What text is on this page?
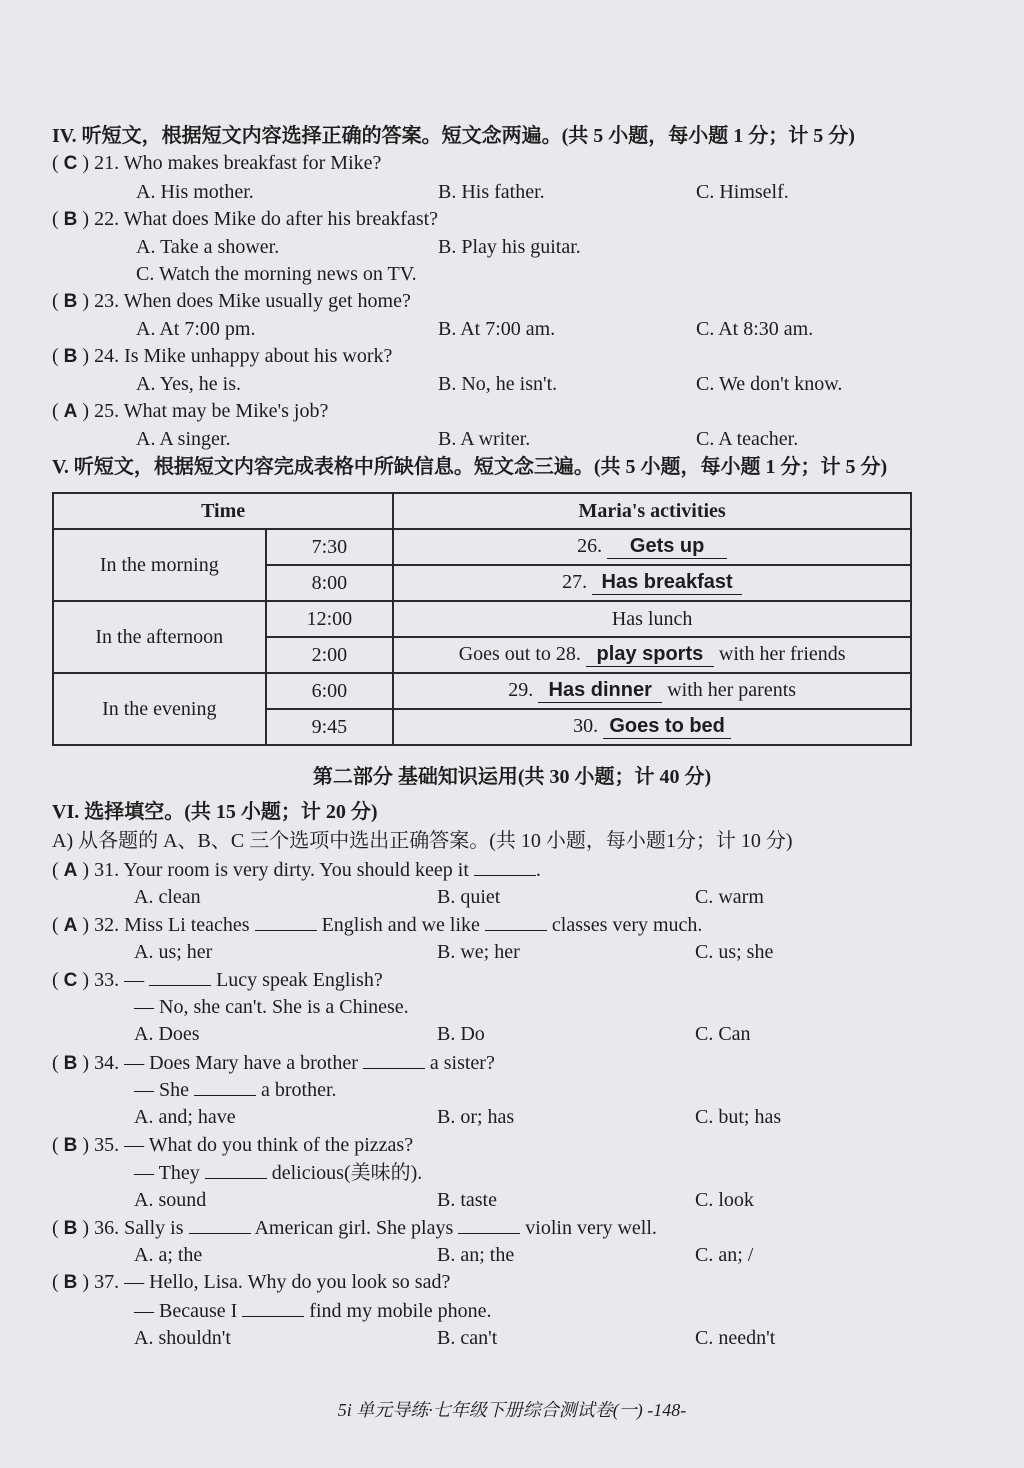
IV. 听短文，根据短文内容选择正确的答案。短文念两遍。(共 5 小题，每小题 1 分；计 5 分)
( C ) 21. Who makes breakfast for Mike?
A. His mother.	B. His father.	C. Himself.
( B ) 22. What does Mike do after his breakfast?
A. Take a shower.	B. Play his guitar.
C. Watch the morning news on TV.
( B ) 23. When does Mike usually get home?
A. At 7:00 pm.	B. At 7:00 am.	C. At 8:30 am.
( B ) 24. Is Mike unhappy about his work?
A. Yes, he is.	B. No, he isn't.	C. We don't know.
( A ) 25. What may be Mike's job?
A. A singer.	B. A writer.	C. A teacher.
V. 听短文，根据短文内容完成表格中所缺信息。短文念三遍。(共 5 小题，每小题 1 分；计 5 分)
Time		Maria's activities
In the morning	7:30	26. Gets up
	8:00	27. Has breakfast
In the afternoon	12:00	Has lunch
	2:00	Goes out to 28. play sports with her friends
In the evening	6:00	29. Has dinner with her parents
	9:45	30. Goes to bed
第二部分 基础知识运用(共 30 小题；计 40 分)
VI. 选择填空。(共 15 小题；计 20 分)
A) 从各题的 A、B、C 三个选项中选出正确答案。(共 10 小题，每小题1分；计 10 分)
( A ) 31. Your room is very dirty. You should keep it	.
A. clean	B. quiet	C. warm
( A ) 32. Miss Li teaches	English and we like	classes very much.
A. us; her	B. we; her	C. us; she
( C ) 33. —	Lucy speak English?
— No, she can't. She is a Chinese.
A. Does	B. Do	C. Can
( B ) 34. — Does Mary have a brother	a sister?
— She	a brother.
A. and; have	B. or; has	C. but; has
( B ) 35. — What do you think of the pizzas?
— They	delicious(美味的).
A. sound	B. taste	C. look
( B ) 36. Sally is	American girl. She plays	violin very well.
A. a; the	B. an; the	C. an; /
( B ) 37. — Hello, Lisa. Why do you look so sad?
— Because I	find my mobile phone.
A. shouldn't	B. can't	C. needn't
5i 单元导练·七年级下册综合测试卷(一) -148-
